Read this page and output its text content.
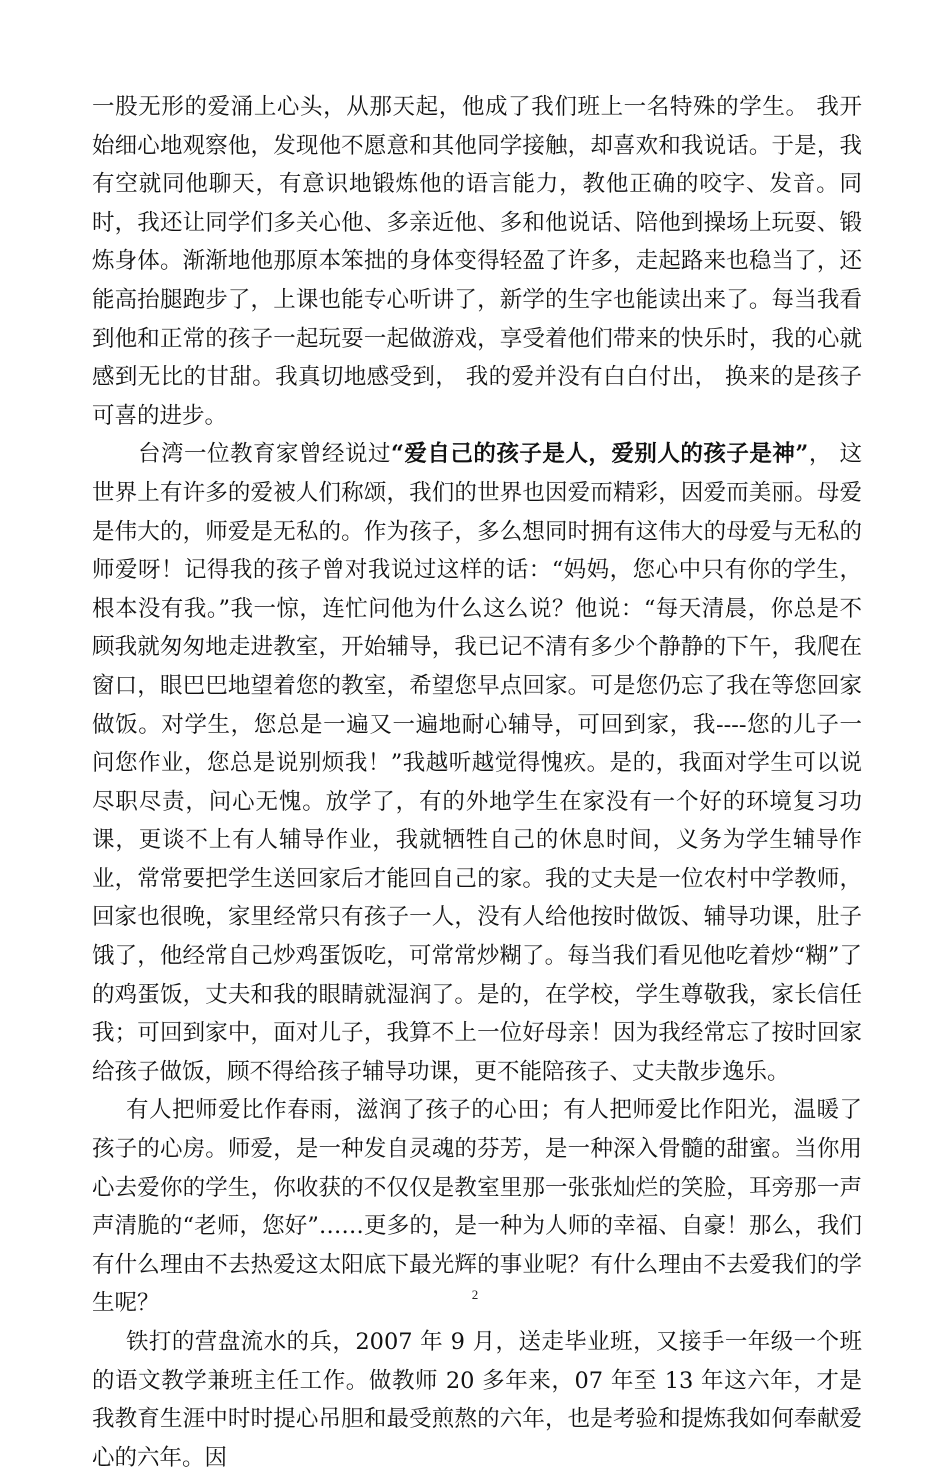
一股无形的爱涌上心头，从那天起，他成了我们班上一名特殊的学生。 我开始细心地观察他，发现他不愿意和其他同学接触，却喜欢和我说话。于是，我有空就同他聊天，有意识地锻炼他的语言能力，教他正确的咬字、发音。同时，我还让同学们多关心他、多亲近他、多和他说话、陪他到操场上玩耍、锻炼身体。渐渐地他那原本笨拙的身体变得轻盈了许多，走起路来也稳当了，还能高抬腿跑步了，上课也能专心听讲了，新学的生字也能读出来了。每当我看到他和正常的孩子一起玩耍一起做游戏，享受着他们带来的快乐时，我的心就感到无比的甘甜。我真切地感受到， 我的爱并没有白白付出， 换来的是孩子可喜的进步。

台湾一位教育家曾经说过“爱自己的孩子是人，爱别人的孩子是神”， 这世界上有许多的爱被人们称颂，我们的世界也因爱而精彩，因爱而美丽。母爱是伟大的，师爱是无私的。作为孩子，多么想同时拥有这伟大的母爱与无私的师爱呀！记得我的孩子曾对我说过这样的话：“妈妈，您心中只有你的学生，根本没有我。”我一惊，连忙问他为什么这么说？他说：“每天清晨，你总是不顾我就匆匆地走进教室，开始辅导，我已记不清有多少个静静的下午，我爬在窗口，眼巴巴地望着您的教室，希望您早点回家。可是您仍忘了我在等您回家做饭。对学生，您总是一遍又一遍地耐心辅导，可回到家，我----您的儿子一问您作业，您总是说别烦我！”我越听越觉得愧疚。是的，我面对学生可以说尽职尽责，问心无愧。放学了，有的外地学生在家没有一个好的环境复习功课，更谈不上有人辅导作业，我就牺牲自己的休息时间，义务为学生辅导作业，常常要把学生送回家后才能回自己的家。我的丈夫是一位农村中学教师，回家也很晚，家里经常只有孩子一人，没有人给他按时做饭、辅导功课，肚子饿了，他经常自己炒鸡蛋饭吃，可常常炒糊了。每当我们看见他吃着炒“糊”了的鸡蛋饭，丈夫和我的眼睛就湿润了。是的，在学校，学生尊敬我，家长信任我；可回到家中，面对儿子，我算不上一位好母亲！因为我经常忘了按时回家给孩子做饭，顾不得给孩子辅导功课，更不能陪孩子、丈夫散步逸乐。

有人把师爱比作春雨，滋润了孩子的心田；有人把师爱比作阳光，温暖了孩子的心房。师爱，是一种发自灵魂的芬芳，是一种深入骨髓的甜蜜。当你用心去爱你的学生，你收获的不仅仅是教室里那一张张灿烂的笑脸，耳旁那一声声清脆的“老师，您好”……更多的，是一种为人师的幸福、自豪！那么，我们有什么理由不去热爱这太阳底下最光辉的事业呢？有什么理由不去爱我们的学生呢？

铁打的营盘流水的兵，2007 年 9 月，送走毕业班，又接手一年级一个班的语文教学兼班主任工作。做教师 20 多年来，07 年至 13 年这六年，才是我教育生涯中时时提心吊胆和最受煎熬的六年，也是考验和提炼我如何奉献爱心的六年。因

2
